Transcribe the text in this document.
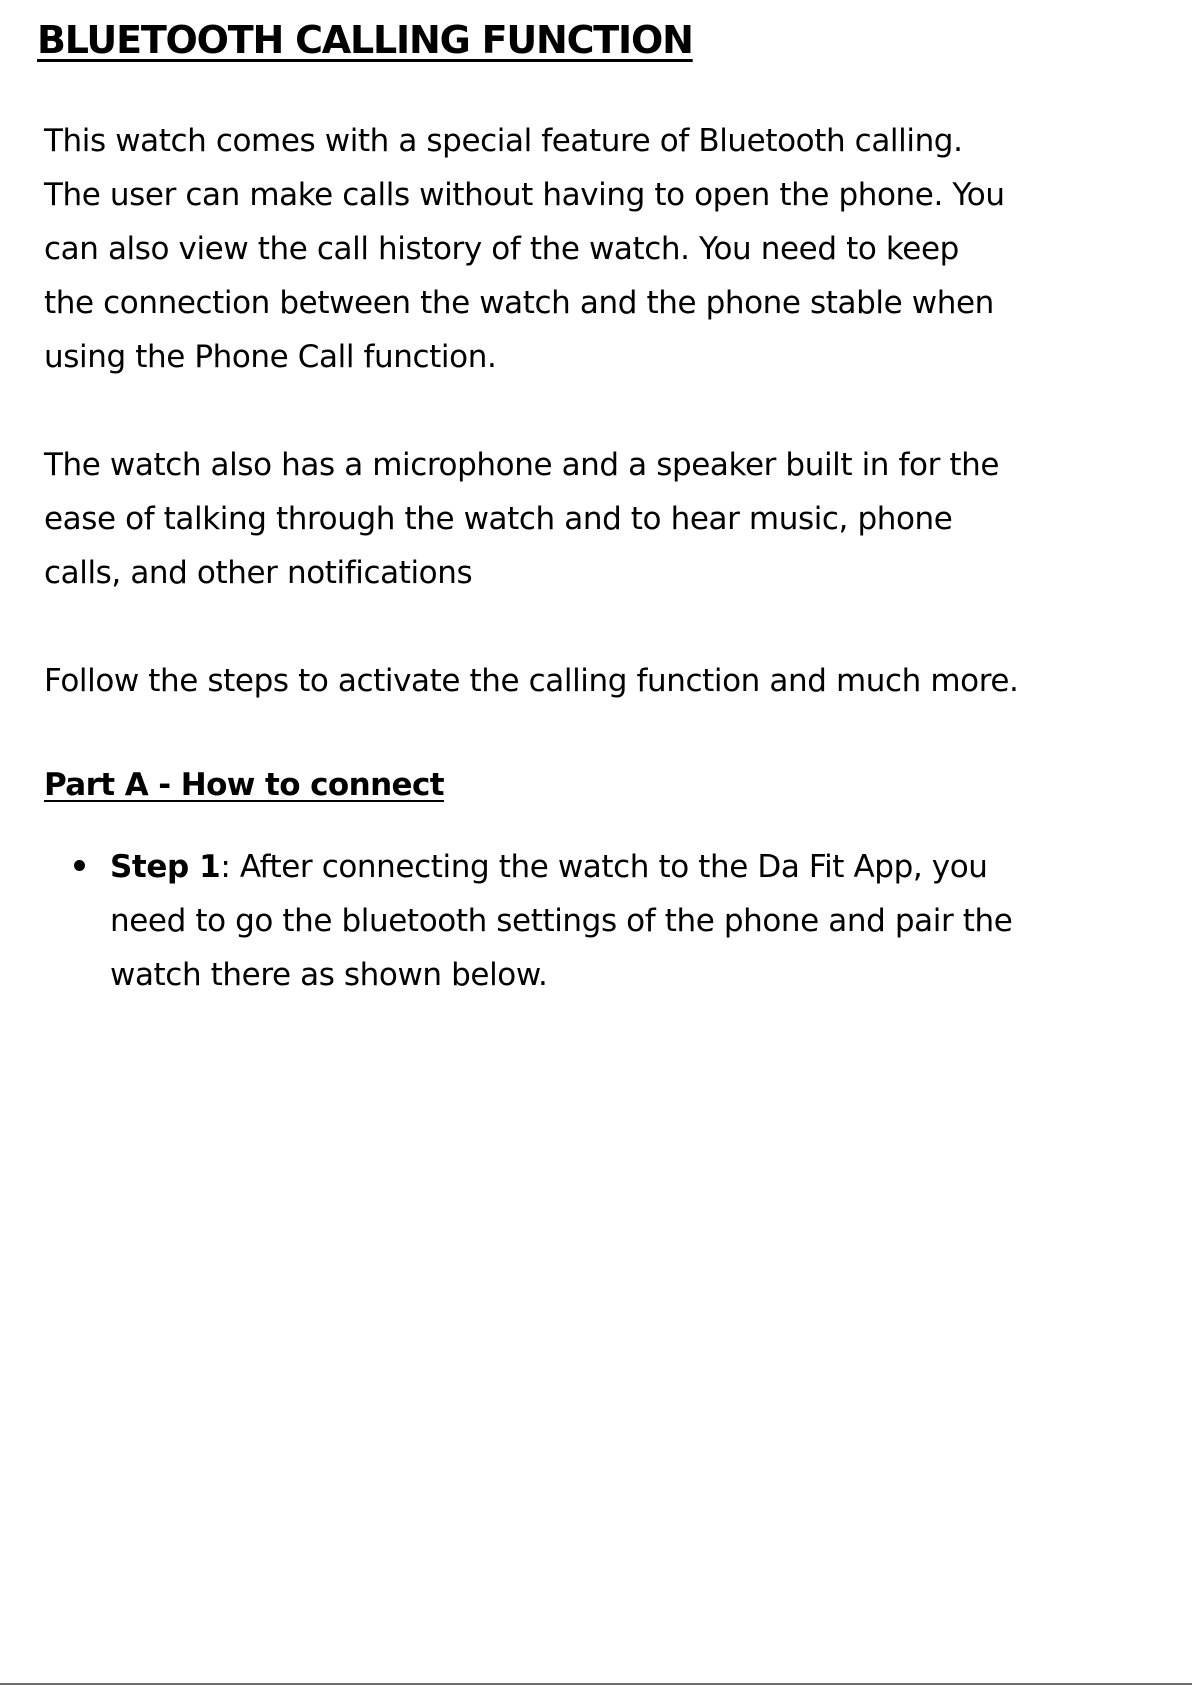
BLUETOOTH CALLING FUNCTION
This watch comes with a special feature of Bluetooth calling.
The user can make calls without having to open the phone. You
can also view the call history of the watch. You need to keep
the connection between the watch and the phone stable when
using the Phone Call function.
The watch also has a microphone and a speaker built in for the
ease of talking through the watch and to hear music, phone
calls, and other notifications

Follow the steps to activate the calling function and much more.

Part A - How to connect
Step 1: After connecting the watch to the Da Fit App, you
need to go the bluetooth settings of the phone and pair the
watch there as shown below.
